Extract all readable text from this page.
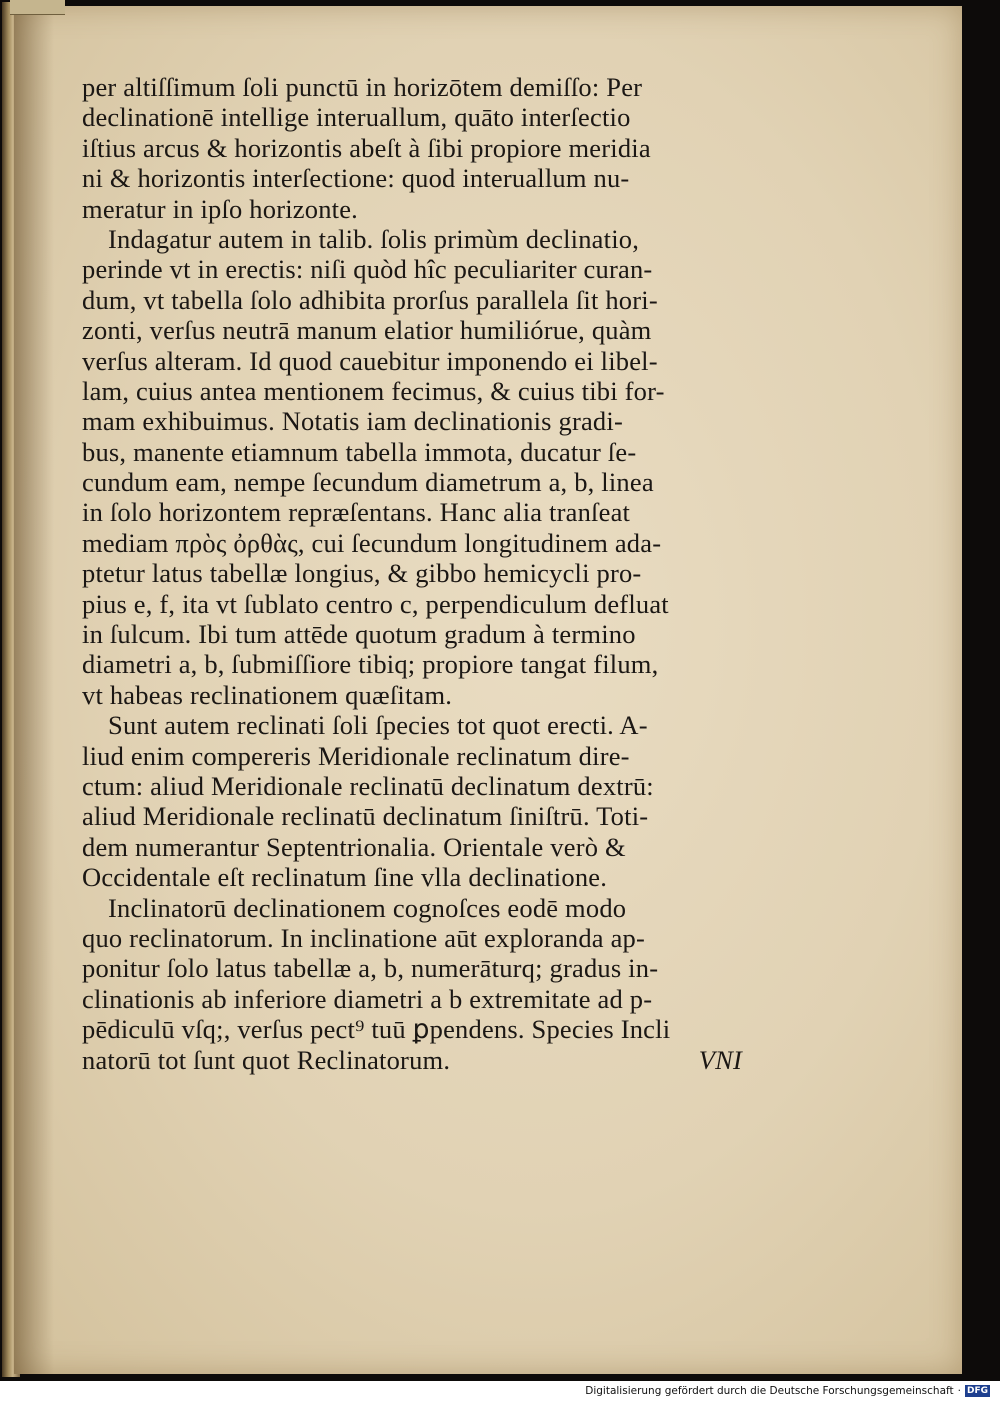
per altiſſimum ſoli punctū in horizōtem demiſſo: Per
declinationē intellige interuallum, quāto interſectio
iſtius arcus & horizontis abeſt à ſibi propiore meridia
ni & horizontis interſectione: quod interuallum nu-
meratur in ipſo horizonte.
Indagatur autem in talib. ſolis primùm declinatio,
perinde vt in erectis: niſi quòd hîc peculiariter curan-
dum, vt tabella ſolo adhibita prorſus parallela ſit hori-
zonti, verſus neutrā manum elatior humiliórue, quàm
verſus alteram. Id quod cauebitur imponendo ei libel-
lam, cuius antea mentionem fecimus, & cuius tibi for-
mam exhibuimus. Notatis iam declinationis gradi-
bus, manente etiamnum tabella immota, ducatur ſe-
cundum eam, nempe ſecundum diametrum a, b, linea
in ſolo horizontem repræſentans. Hanc alia tranſeat
mediam πρὸς ὀρθὰς, cui ſecundum longitudinem ada-
ptetur latus tabellæ longius, & gibbo hemicycli pro-
pius e, f, ita vt ſublato centro c, perpendiculum defluat
in ſulcum. Ibi tum attēde quotum gradum à termino
diametri a, b, ſubmiſſiore tibiq; propiore tangat filum,
vt habeas reclinationem quæſitam.
Sunt autem reclinati ſoli ſpecies tot quot erecti. A-
liud enim compereris Meridionale reclinatum dire-
ctum: aliud Meridionale reclinatū declinatum dextrū:
aliud Meridionale reclinatū declinatum ſiniſtrū. Toti-
dem numerantur Septentrionalia. Orientale verò &
Occidentale eſt reclinatum ſine vlla declinatione.
Inclinatorū declinationem cognoſces eodē modo
quo reclinatorum. In inclinatione aūt exploranda ap-
ponitur ſolo latus tabellæ a, b, numerāturq; gradus in-
clinationis ab inferiore diametri a b extremitate ad p-
pēdiculū vſq;, verſus pect⁹ tuū ꝑpendens. Species Incli
natorū tot ſunt quot Reclinatorum.	VNI
Digitalisierung gefördert durch die Deutsche Forschungsgemeinschaft · DFG
